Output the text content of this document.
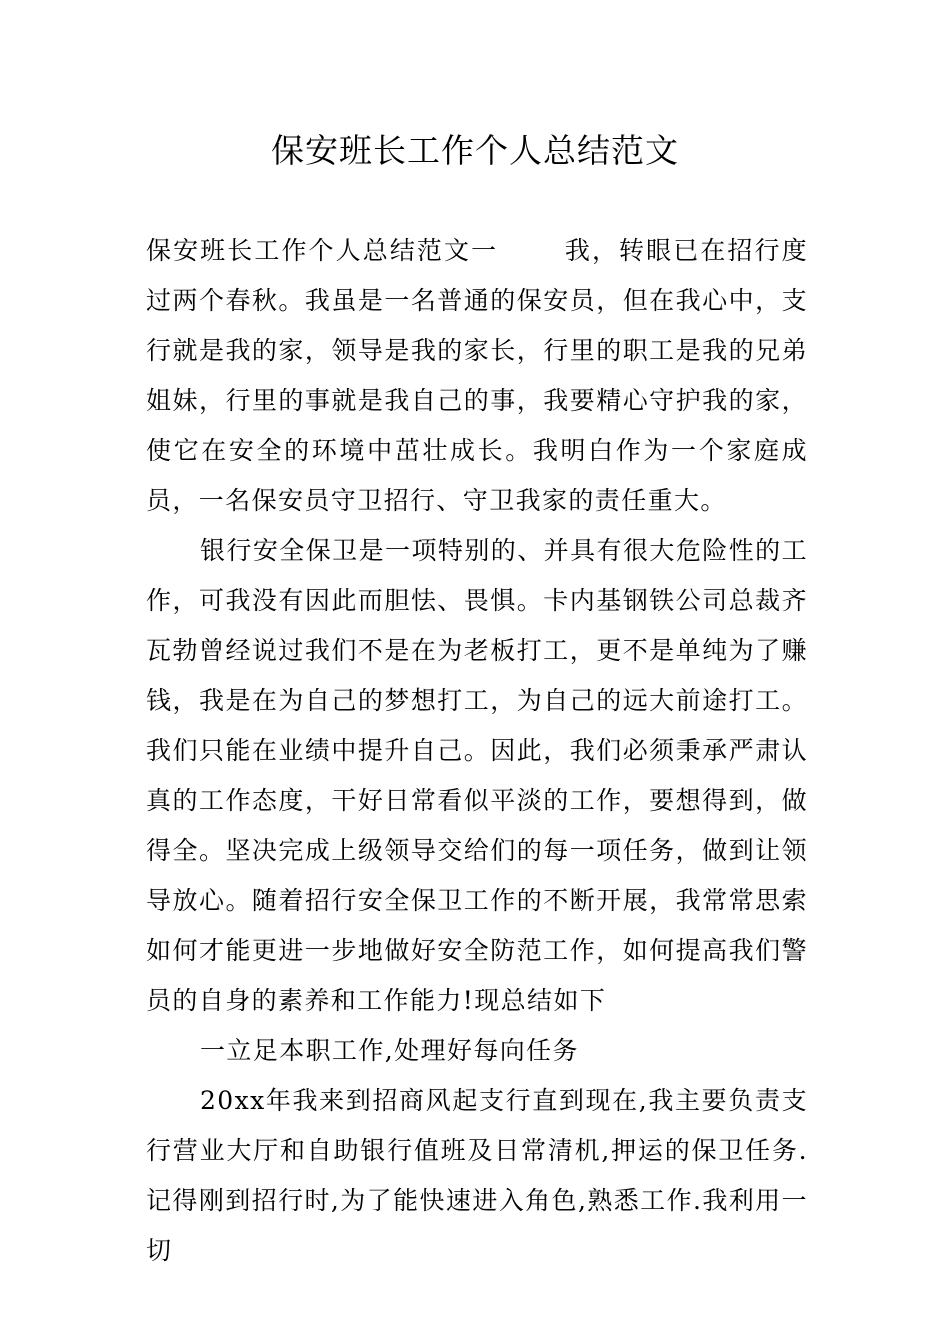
保安班长工作个人总结范文

保安班长工作个人总结范文一	我，转眼已在招行度过两个春秋。我虽是一名普通的保安员，但在我心中，支行就是我的家，领导是我的家长，行里的职工是我的兄弟姐妹，行里的事就是我自己的事，我要精心守护我的家，使它在安全的环境中茁壮成长。我明白作为一个家庭成员，一名保安员守卫招行、守卫我家的责任重大。

银行安全保卫是一项特别的、并具有很大危险性的工作，可我没有因此而胆怯、畏惧。卡内基钢铁公司总裁齐瓦勃曾经说过我们不是在为老板打工，更不是单纯为了赚钱，我是在为自己的梦想打工，为自己的远大前途打工。我们只能在业绩中提升自己。因此，我们必须秉承严肃认真的工作态度，干好日常看似平淡的工作，要想得到，做得全。坚决完成上级领导交给们的每一项任务，做到让领导放心。随着招行安全保卫工作的不断开展，我常常思索如何才能更进一步地做好安全防范工作，如何提高我们警员的自身的素养和工作能力!现总结如下

一立足本职工作,处理好每向任务

20xx年我来到招商风起支行直到现在,我主要负责支行营业大厅和自助银行值班及日常清机,押运的保卫任务.记得刚到招行时,为了能快速进入角色,熟悉工作.我利用一切
